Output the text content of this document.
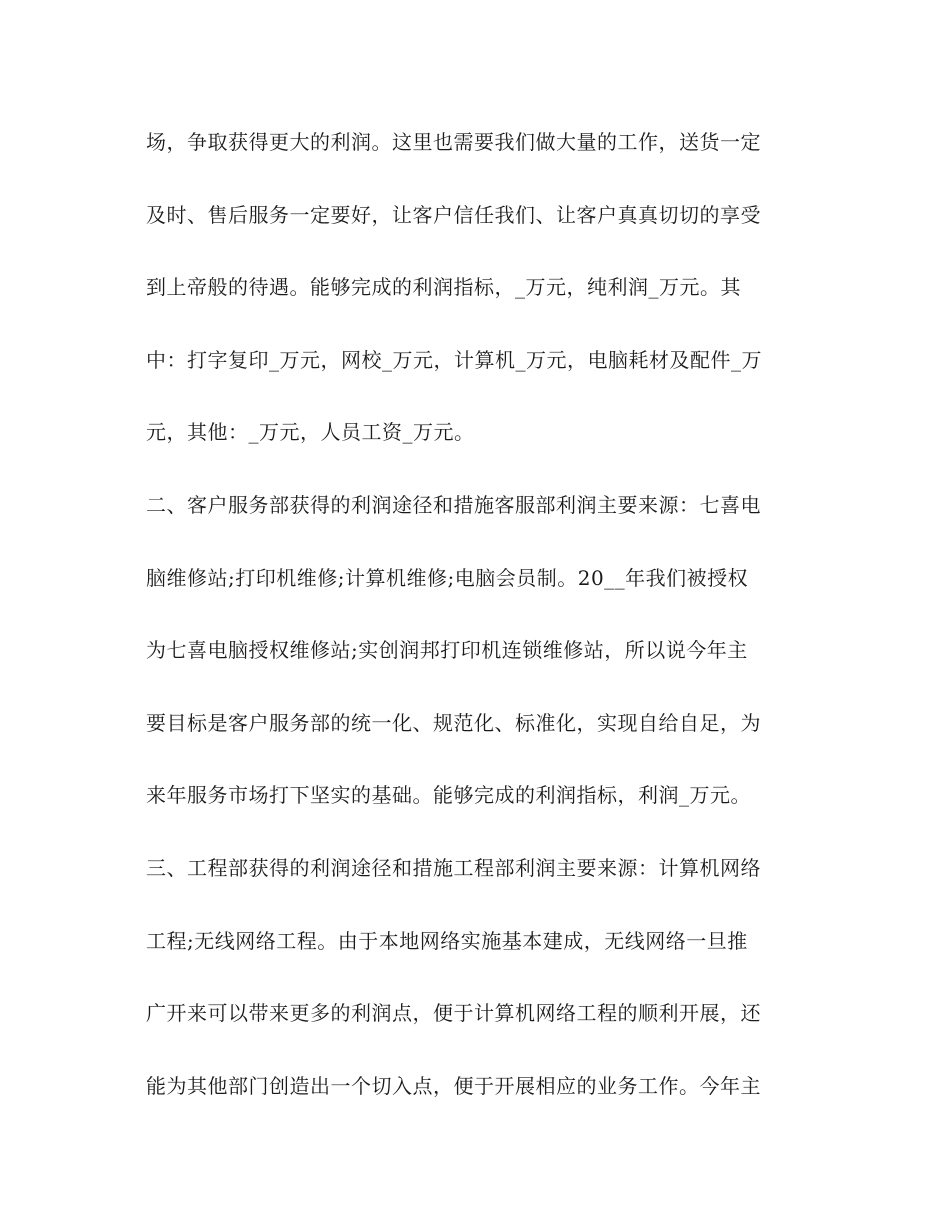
场，争取获得更大的利润。这里也需要我们做大量的工作，送货一定
及时、售后服务一定要好，让客户信任我们、让客户真真切切的享受
到上帝般的待遇。能够完成的利润指标，_万元，纯利润_万元。其
中：打字复印_万元，网校_万元，计算机_万元，电脑耗材及配件_万
元，其他：_万元，人员工资_万元。
二、客户服务部获得的利润途径和措施客服部利润主要来源：七喜电
脑维修站;打印机维修;计算机维修;电脑会员制。20__年我们被授权
为七喜电脑授权维修站;实创润邦打印机连锁维修站，所以说今年主
要目标是客户服务部的统一化、规范化、标准化，实现自给自足，为
来年服务市场打下坚实的基础。能够完成的利润指标，利润_万元。
三、工程部获得的利润途径和措施工程部利润主要来源：计算机网络
工程;无线网络工程。由于本地网络实施基本建成，无线网络一旦推
广开来可以带来更多的利润点，便于计算机网络工程的顺利开展，还
能为其他部门创造出一个切入点，便于开展相应的业务工作。今年主
